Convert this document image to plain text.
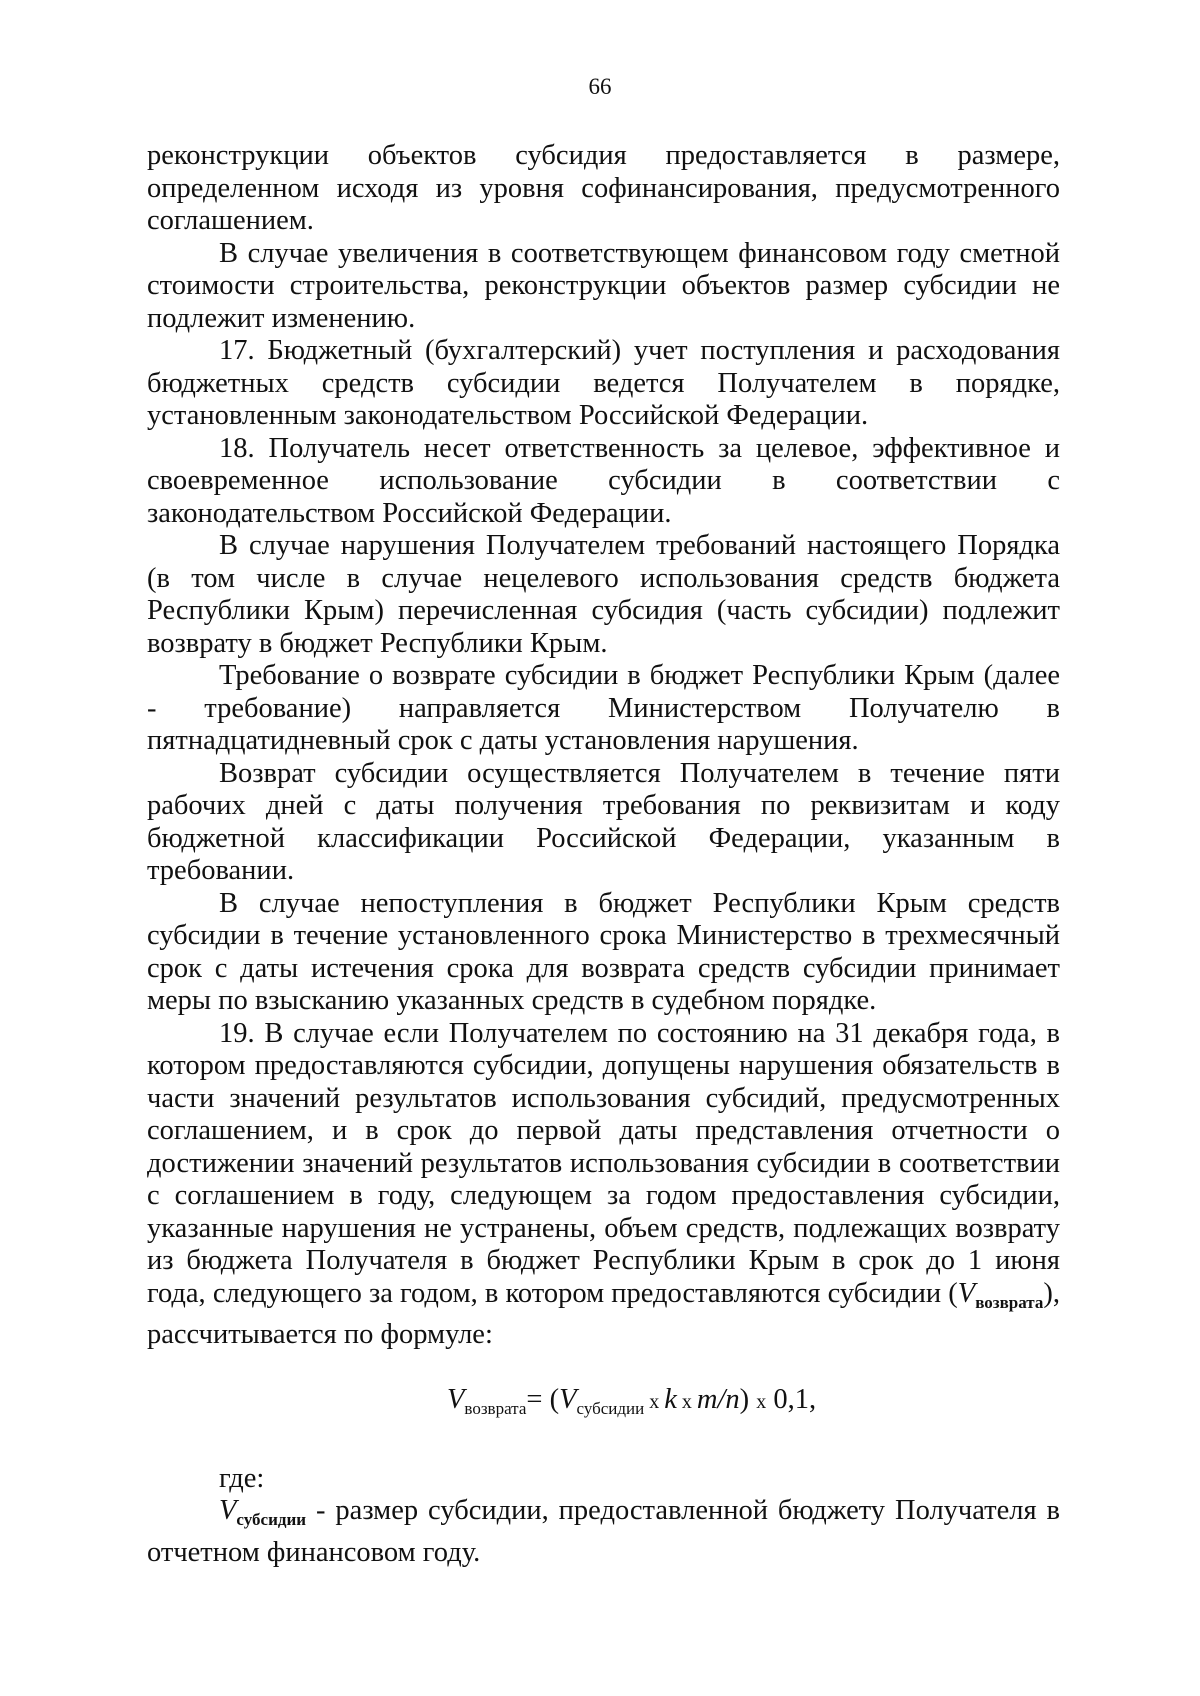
66

реконструкции объектов субсидия предоставляется в размере, определенном исходя из уровня софинансирования, предусмотренного соглашением.

В случае увеличения в соответствующем финансовом году сметной стоимости строительства, реконструкции объектов размер субсидии не подлежит изменению.

17. Бюджетный (бухгалтерский) учет поступления и расходования бюджетных средств субсидии ведется Получателем в порядке, установленным законодательством Российской Федерации.

18. Получатель несет ответственность за целевое, эффективное и своевременное использование субсидии в соответствии с законодательством Российской Федерации.

В случае нарушения Получателем требований настоящего Порядка (в том числе в случае нецелевого использования средств бюджета Республики Крым) перечисленная субсидия (часть субсидии) подлежит возврату в бюджет Республики Крым.

Требование о возврате субсидии в бюджет Республики Крым (далее - требование) направляется Министерством Получателю в пятнадцатидневный срок с даты установления нарушения.

Возврат субсидии осуществляется Получателем в течение пяти рабочих дней с даты получения требования по реквизитам и коду бюджетной классификации Российской Федерации, указанным в требовании.

В случае непоступления в бюджет Республики Крым средств субсидии в течение установленного срока Министерство в трехмесячный срок с даты истечения срока для возврата средств субсидии принимает меры по взысканию указанных средств в судебном порядке.

19. В случае если Получателем по состоянию на 31 декабря года, в котором предоставляются субсидии, допущены нарушения обязательств в части значений результатов использования субсидий, предусмотренных соглашением, и в срок до первой даты представления отчетности о достижении значений результатов использования субсидии в соответствии с соглашением в году, следующем за годом предоставления субсидии, указанные нарушения не устранены, объем средств, подлежащих возврату из бюджета Получателя в бюджет Республики Крым в срок до 1 июня года, следующего за годом, в котором предоставляются субсидии $(V_{возврата})$, рассчитывается по формуле:

$V_{возврата}= (V_{субсидии}$ x k x m/n) x 0,1,

где:

$V_{субсидии}$ - размер субсидии, предоставленной бюджету Получателя в отчетном финансовом году.
